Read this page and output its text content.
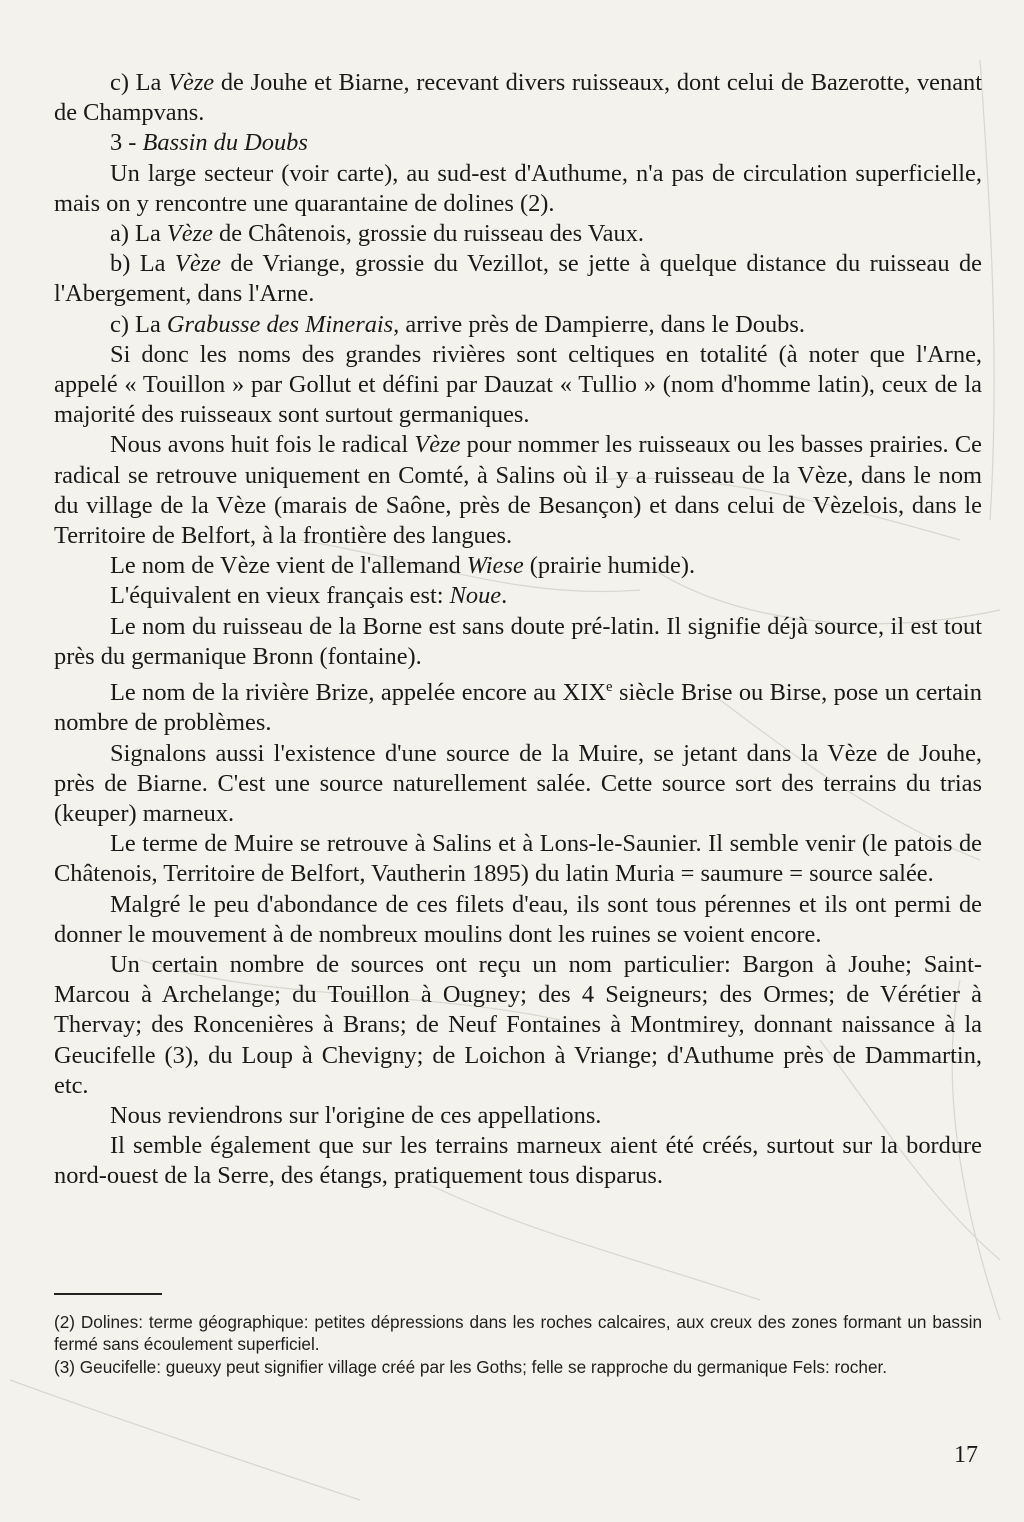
c) La Vèze de Jouhe et Biarne, recevant divers ruisseaux, dont celui de Bazerotte, venant de Champvans.

3 - Bassin du Doubs

Un large secteur (voir carte), au sud-est d'Authume, n'a pas de circulation superficielle, mais on y rencontre une quarantaine de dolines (2).

a) La Vèze de Châtenois, grossie du ruisseau des Vaux.

b) La Vèze de Vriange, grossie du Vezillot, se jette à quelque distance du ruisseau de l'Abergement, dans l'Arne.

c) La Grabusse des Minerais, arrive près de Dampierre, dans le Doubs.

Si donc les noms des grandes rivières sont celtiques en totalité (à noter que l'Arne, appelé « Touillon » par Gollut et défini par Dauzat « Tullio » (nom d'homme latin), ceux de la majorité des ruisseaux sont surtout germaniques.

Nous avons huit fois le radical Vèze pour nommer les ruisseaux ou les basses prairies. Ce radical se retrouve uniquement en Comté, à Salins où il y a ruisseau de la Vèze, dans le nom du village de la Vèze (marais de Saône, près de Besançon) et dans celui de Vèzelois, dans le Territoire de Belfort, à la frontière des langues.

Le nom de Vèze vient de l'allemand Wiese (prairie humide).

L'équivalent en vieux français est: Noue.

Le nom du ruisseau de la Borne est sans doute pré-latin. Il signifie déjà source, il est tout près du germanique Bronn (fontaine).

Le nom de la rivière Brize, appelée encore au XIXe siècle Brise ou Birse, pose un certain nombre de problèmes.

Signalons aussi l'existence d'une source de la Muire, se jetant dans la Vèze de Jouhe, près de Biarne. C'est une source naturellement salée. Cette source sort des terrains du trias (keuper) marneux.

Le terme de Muire se retrouve à Salins et à Lons-le-Saunier. Il semble venir (le patois de Châtenois, Territoire de Belfort, Vautherin 1895) du latin Muria = saumure = source salée.

Malgré le peu d'abondance de ces filets d'eau, ils sont tous pérennes et ils ont permi de donner le mouvement à de nombreux moulins dont les ruines se voient encore.

Un certain nombre de sources ont reçu un nom particulier: Bargon à Jouhe; Saint-Marcou à Archelange; du Touillon à Ougney; des 4 Seigneurs; des Ormes; de Vérétier à Thervay; des Roncenières à Brans; de Neuf Fontaines à Montmirey, donnant naissance à la Geucifelle (3), du Loup à Chevigny; de Loichon à Vriange; d'Authume près de Dammartin, etc.

Nous reviendrons sur l'origine de ces appellations.

Il semble également que sur les terrains marneux aient été créés, surtout sur la bordure nord-ouest de la Serre, des étangs, pratiquement tous disparus.

(2) Dolines: terme géographique: petites dépressions dans les roches calcaires, aux creux des zones formant un bassin fermé sans écoulement superficiel.

(3) Geucifelle: gueuxy peut signifier village créé par les Goths; felle se rapproche du germanique Fels: rocher.

17
